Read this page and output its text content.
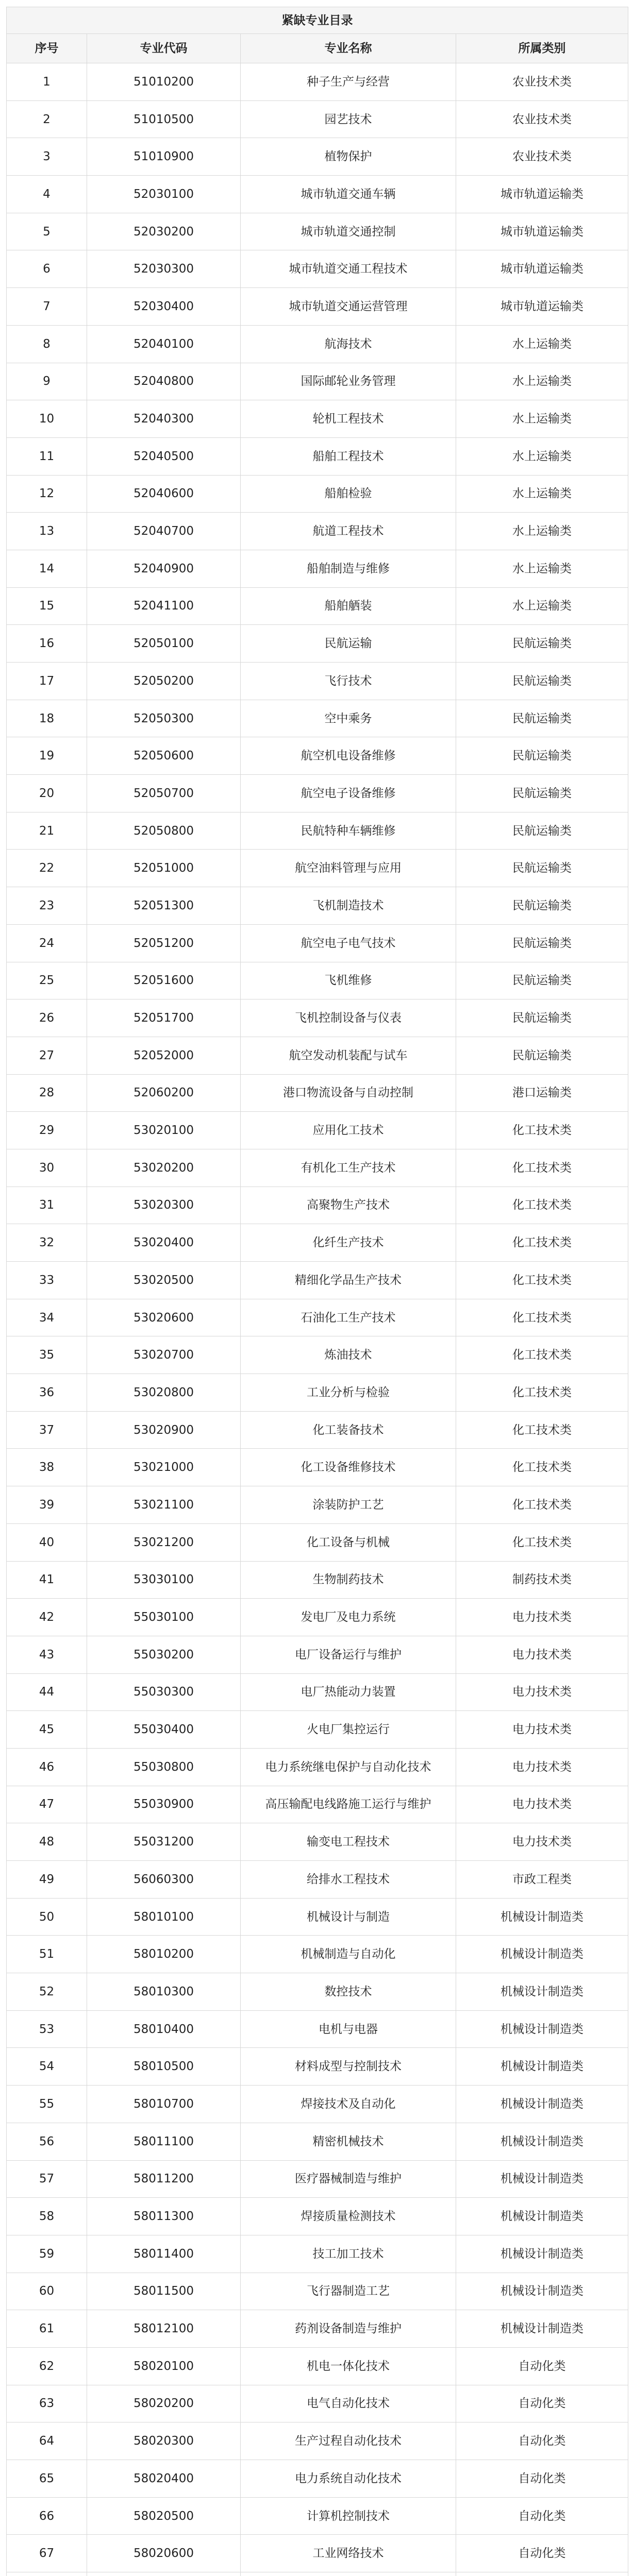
紧缺专业目录			
序号	专业代码	专业名称	所属类别
1	51010200	种子生产与经营	农业技术类
2	51010500	园艺技术	农业技术类
3	51010900	植物保护	农业技术类
4	52030100	城市轨道交通车辆	城市轨道运输类
5	52030200	城市轨道交通控制	城市轨道运输类
6	52030300	城市轨道交通工程技术	城市轨道运输类
7	52030400	城市轨道交通运营管理	城市轨道运输类
8	52040100	航海技术	水上运输类
9	52040800	国际邮轮业务管理	水上运输类
10	52040300	轮机工程技术	水上运输类
11	52040500	船舶工程技术	水上运输类
12	52040600	船舶检验	水上运输类
13	52040700	航道工程技术	水上运输类
14	52040900	船舶制造与维修	水上运输类
15	52041100	船舶舾装	水上运输类
16	52050100	民航运输	民航运输类
17	52050200	飞行技术	民航运输类
18	52050300	空中乘务	民航运输类
19	52050600	航空机电设备维修	民航运输类
20	52050700	航空电子设备维修	民航运输类
21	52050800	民航特种车辆维修	民航运输类
22	52051000	航空油料管理与应用	民航运输类
23	52051300	飞机制造技术	民航运输类
24	52051200	航空电子电气技术	民航运输类
25	52051600	飞机维修	民航运输类
26	52051700	飞机控制设备与仪表	民航运输类
27	52052000	航空发动机装配与试车	民航运输类
28	52060200	港口物流设备与自动控制	港口运输类
29	53020100	应用化工技术	化工技术类
30	53020200	有机化工生产技术	化工技术类
31	53020300	高聚物生产技术	化工技术类
32	53020400	化纤生产技术	化工技术类
33	53020500	精细化学品生产技术	化工技术类
34	53020600	石油化工生产技术	化工技术类
35	53020700	炼油技术	化工技术类
36	53020800	工业分析与检验	化工技术类
37	53020900	化工装备技术	化工技术类
38	53021000	化工设备维修技术	化工技术类
39	53021100	涂装防护工艺	化工技术类
40	53021200	化工设备与机械	化工技术类
41	53030100	生物制药技术	制药技术类
42	55030100	发电厂及电力系统	电力技术类
43	55030200	电厂设备运行与维护	电力技术类
44	55030300	电厂热能动力装置	电力技术类
45	55030400	火电厂集控运行	电力技术类
46	55030800	电力系统继电保护与自动化技术	电力技术类
47	55030900	高压输配电线路施工运行与维护	电力技术类
48	55031200	输变电工程技术	电力技术类
49	56060300	给排水工程技术	市政工程类
50	58010100	机械设计与制造	机械设计制造类
51	58010200	机械制造与自动化	机械设计制造类
52	58010300	数控技术	机械设计制造类
53	58010400	电机与电器	机械设计制造类
54	58010500	材料成型与控制技术	机械设计制造类
55	58010700	焊接技术及自动化	机械设计制造类
56	58011100	精密机械技术	机械设计制造类
57	58011200	医疗器械制造与维护	机械设计制造类
58	58011300	焊接质量检测技术	机械设计制造类
59	58011400	技工加工技术	机械设计制造类
60	58011500	飞行器制造工艺	机械设计制造类
61	58012100	药剂设备制造与维护	机械设计制造类
62	58020100	机电一体化技术	自动化类
63	58020200	电气自动化技术	自动化类
64	58020300	生产过程自动化技术	自动化类
65	58020400	电力系统自动化技术	自动化类
66	58020500	计算机控制技术	自动化类
67	58020600	工业网络技术	自动化类
